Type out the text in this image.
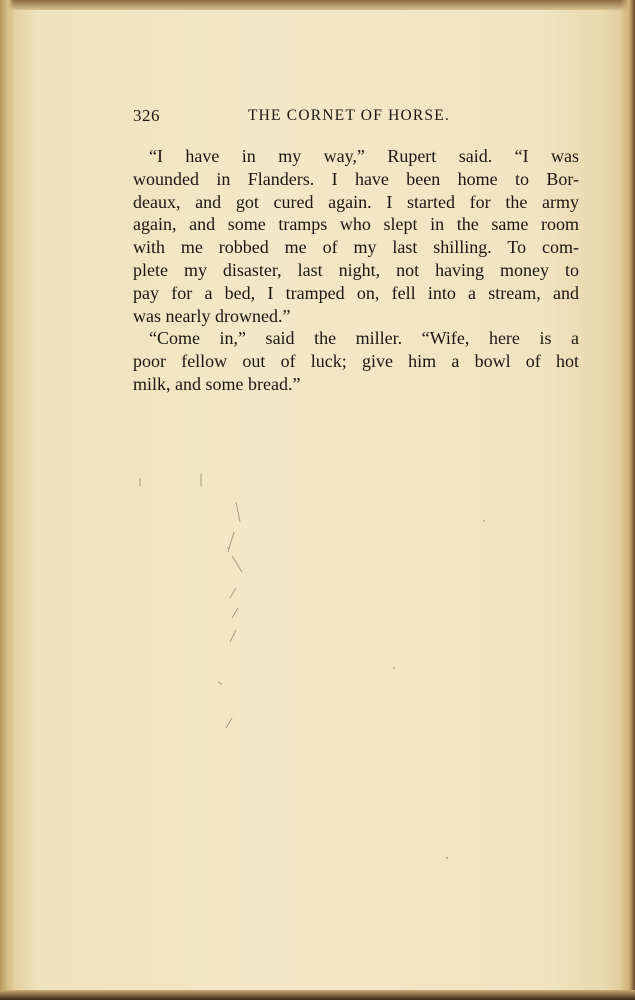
326	THE CORNET OF HORSE.
“I have in my way,” Rupert said. “I was
wounded in Flanders. I have been home to Bor-
deaux, and got cured again. I started for the army
again, and some tramps who slept in the same room
with me robbed me of my last shilling. To com-
plete my disaster, last night, not having money to
pay for a bed, I tramped on, fell into a stream, and
was nearly drowned.”
“Come in,” said the miller. “Wife, here is a
poor fellow out of luck; give him a bowl of hot
milk, and some bread.”
